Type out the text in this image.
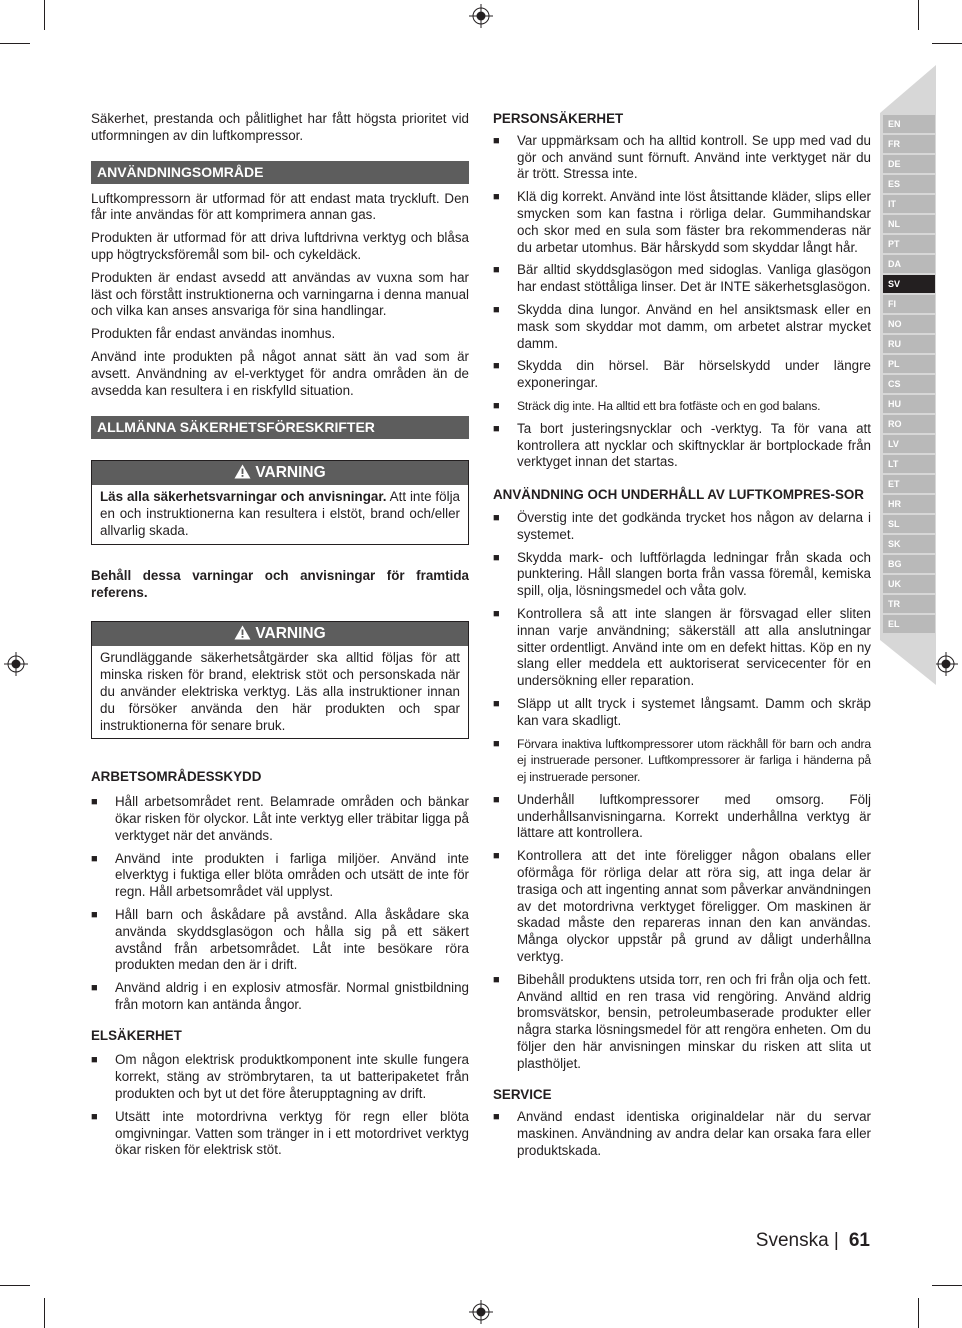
EN
FR
DE
ES
IT
NL
PT
DA
SV
FI
NO
RU
PL
CS
HU
RO
LV
LT
ET
HR
SL
SK
BG
UK
TR
EL

Säkerhet, prestanda och pålitlighet har fått högsta prioritet vid utformningen av din luftkompressor.

ANVÄNDNINGSOMRÅDE

Luftkompressorn är utformad för att endast mata tryckluft. Den får inte användas för att komprimera annan gas.

Produkten är utformad för att driva luftdrivna verktyg och blåsa upp högtrycksföremål som bil- och cykeldäck.

Produkten är endast avsedd att användas av vuxna som har läst och förstått instruktionerna och varningarna i denna manual och vilka kan anses ansvariga för sina handlingar.

Produkten får endast användas inomhus.

Använd inte produkten på något annat sätt än vad som är avsett. Användning av el-verktyget för andra områden än de avsedda kan resultera i en riskfylld situation.

ALLMÄNNA SÄKERHETSFÖRESKRIFTER
VARNING
Läs alla säkerhetsvarningar och anvisningar. Att inte följa en och instruktionerna kan resultera i elstöt, brand och/eller allvarlig skada.

Behåll dessa varningar och anvisningar för framtida referens.

VARNING
Grundläggande säkerhetsåtgärder ska alltid följas för att minska risken för brand, elektrisk stöt och personskada när du använder elektriska verktyg. Läs alla instruktioner innan du försöker använda den här produkten och spar instruktionerna för senare bruk.
ARBETSOMRÅDESSKYDD
■ Håll arbetsområdet rent. Belamrade områden och bänkar ökar risken för olyckor. Låt inte verktyg eller träbitar ligga på verktyget när det används.
■ Använd inte produkten i farliga miljöer. Använd inte elverktyg i fuktiga eller blöta områden och utsätt de inte för regn. Håll arbetsområdet väl upplyst.
■ Håll barn och åskådare på avstånd. Alla åskådare ska använda skyddsglasögon och hålla sig på ett säkert avstånd från arbetsområdet. Låt inte besökare röra produkten medan den är i drift.
■ Använd aldrig i en explosiv atmosfär. Normal gnistbildning från motorn kan antända ångor.
ELSÄKERHET
■ Om någon elektrisk produktkomponent inte skulle fungera korrekt, stäng av strömbrytaren, ta ut batteripaketet från produkten och byt ut det före återupptagning av drift.
■ Utsätt inte motordrivna verktyg för regn eller blöta omgivningar. Vatten som tränger in i ett motordrivet verktyg ökar risken för elektrisk stöt.
PERSONSÄKERHET
■ Var uppmärksam och ha alltid kontroll. Se upp med vad du gör och använd sunt förnuft. Använd inte verktyget när du är trött. Stressa inte.
■ Klä dig korrekt. Använd inte löst åtsittande kläder, slips eller smycken som kan fastna i rörliga delar. Gummihandskar och skor med en sula som fäster bra rekommenderas när du arbetar utomhus. Bär hårskydd som skyddar långt hår.
■ Bär alltid skyddsglasögon med sidoglas. Vanliga glasögon har endast stöttåliga linser. Det är INTE säkerhetsglasögon.
■ Skydda dina lungor. Använd en hel ansiktsmask eller en mask som skyddar mot damm, om arbetet alstrar mycket damm.
■ Skydda din hörsel. Bär hörselskydd under längre exponeringar.
■ Sträck dig inte. Ha alltid ett bra fotfäste och en god balans.
■ Ta bort justeringsnycklar och -verktyg. Ta för vana att kontrollera att nycklar och skiftnycklar är bortplockade från verktyget innan det startas.
ANVÄNDNING OCH UNDERHÅLL AV LUFTKOMPRES-SOR
■ Överstig inte det godkända trycket hos någon av delarna i systemet.
■ Skydda mark- och luftförlagda ledningar från skada och punktering. Håll slangen borta från vassa föremål, kemiska spill, olja, lösningsmedel och våta golv.
■ Kontrollera så att inte slangen är försvagad eller sliten innan varje användning; säkerställ att alla anslutningar sitter ordentligt. Använd inte om en defekt hittas. Köp en ny slang eller meddela ett auktoriserat servicecenter för en undersökning eller reparation.
■ Släpp ut allt tryck i systemet långsamt. Damm och skräp kan vara skadligt.
■ Förvara inaktiva luftkompressorer utom räckhåll för barn och andra ej instruerade personer. Luftkompressorer är farliga i händerna på ej instruerade personer.
■ Underhåll luftkompressorer med omsorg. Följ underhållsanvisningarna. Korrekt underhållna verktyg är lättare att kontrollera.
■ Kontrollera att det inte föreligger någon obalans eller oförmåga för rörliga delar att röra sig, att inga delar är trasiga och att ingenting annat som påverkar användningen av det motordrivna verktyget föreligger. Om maskinen är skadad måste den repareras innan den kan användas. Många olyckor uppstår på grund av dåligt underhållna verktyg.
■ Bibehåll produktens utsida torr, ren och fri från olja och fett. Använd alltid en ren trasa vid rengöring. Använd aldrig bromsvätskor, bensin, petroleumbaserade produkter eller några starka lösningsmedel för att rengöra enheten. Om du följer den här anvisningen minskar du risken att slita ut plasthöljet.
SERVICE
■ Använd endast identiska originaldelar när du servar maskinen. Användning av andra delar kan orsaka fara eller produktskada.
Svenska | 61
